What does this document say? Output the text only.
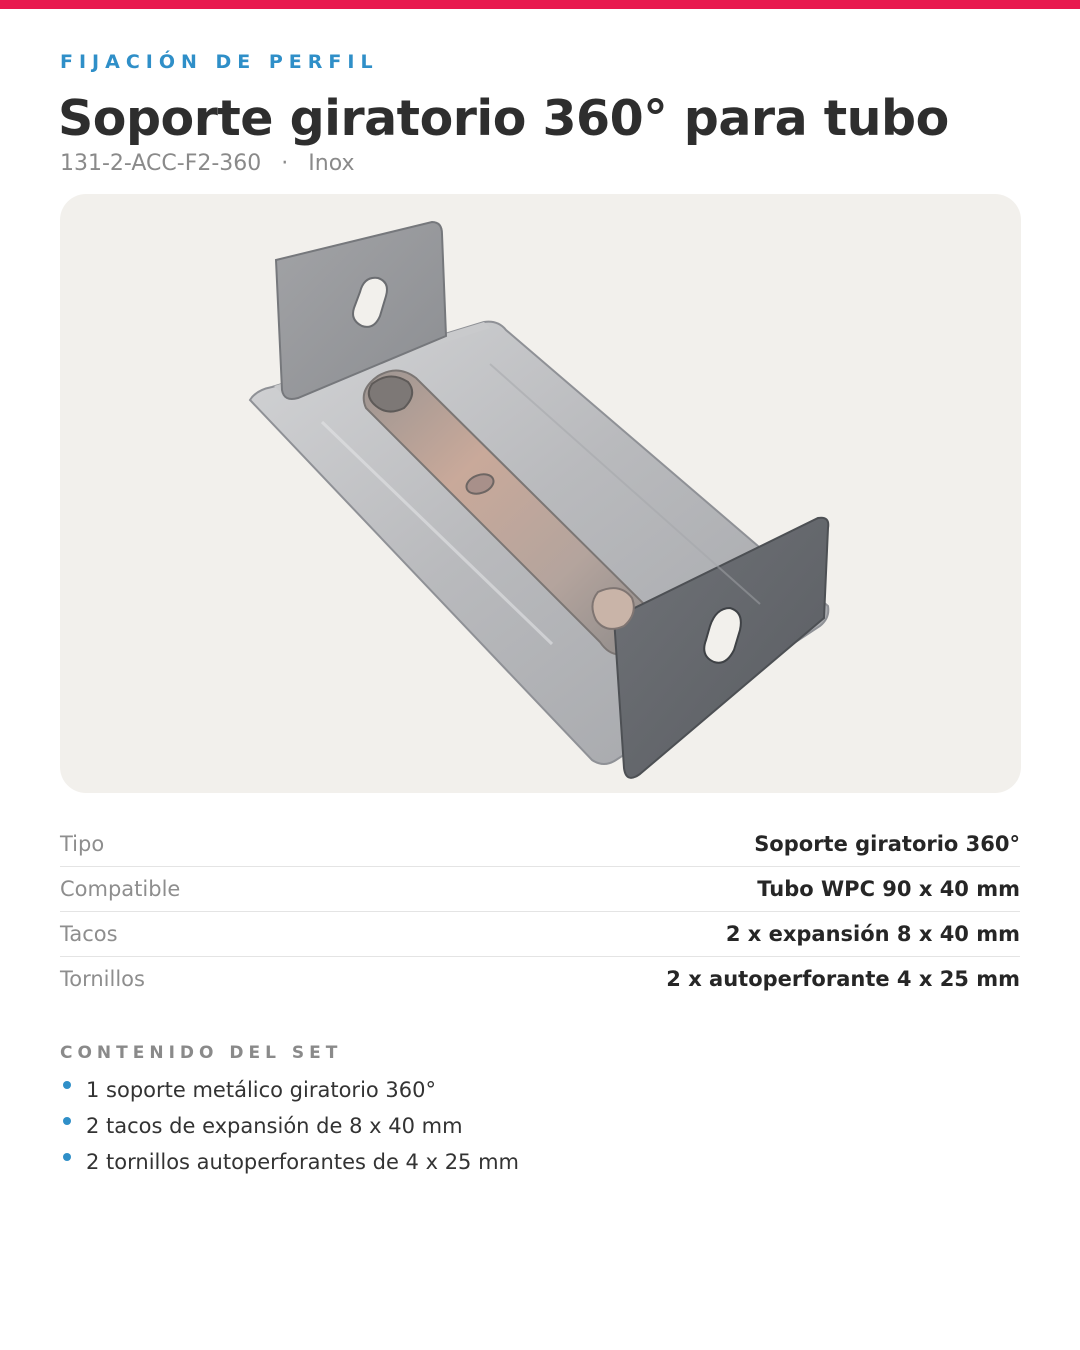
FIJACIÓN DE PERFIL

Soporte giratorio 360° para tubo

131-2-ACC-F2-360 · Inox

Tipo	Soporte giratorio 360°
Compatible	Tubo WPC 90 x 40 mm
Tacos	2 x expansión 8 x 40 mm
Tornillos	2 x autoperforante 4 x 25 mm

CONTENIDO DEL SET

1 soporte metálico giratorio 360°
2 tacos de expansión de 8 x 40 mm
2 tornillos autoperforantes de 4 x 25 mm
